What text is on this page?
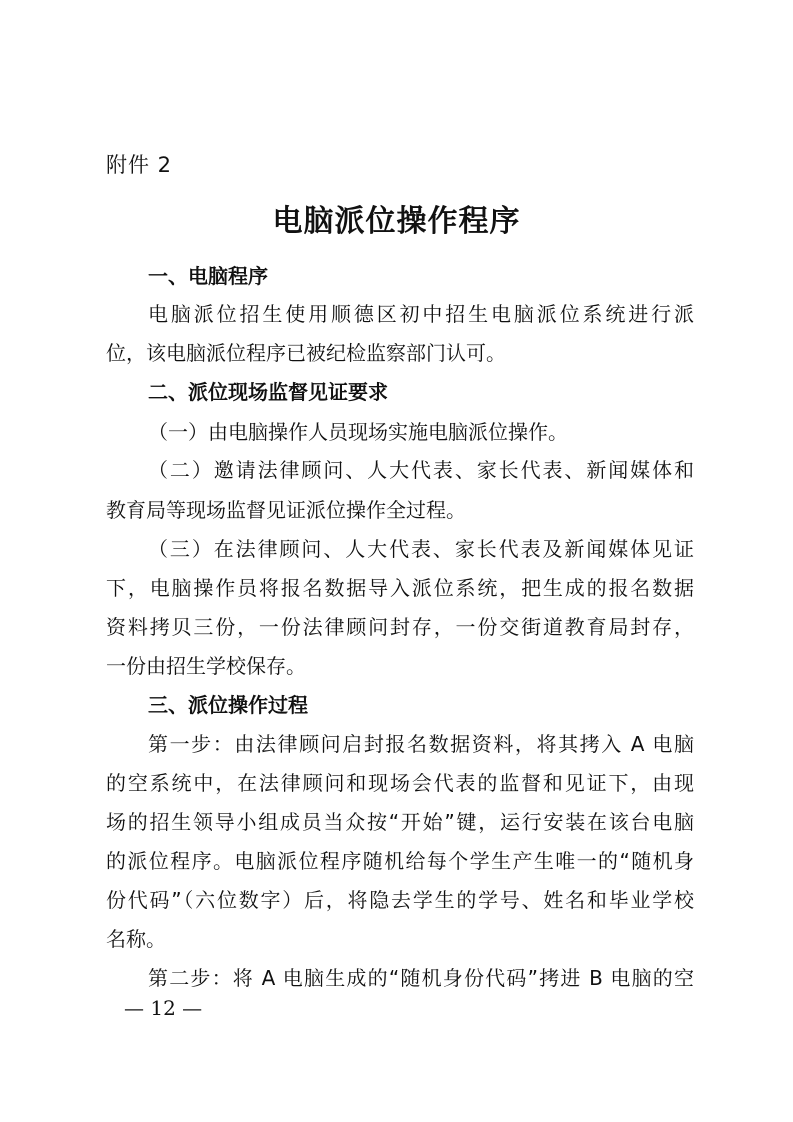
附件 2
电脑派位操作程序
一、电脑程序
电脑派位招生使用顺德区初中招生电脑派位系统进行派
位，该电脑派位程序已被纪检监察部门认可。
二、派位现场监督见证要求
（一）由电脑操作人员现场实施电脑派位操作。
（二）邀请法律顾问、人大代表、家长代表、新闻媒体和
教育局等现场监督见证派位操作全过程。
（三）在法律顾问、人大代表、家长代表及新闻媒体见证
下，电脑操作员将报名数据导入派位系统，把生成的报名数据
资料拷贝三份，一份法律顾问封存，一份交街道教育局封存，
一份由招生学校保存。
三、派位操作过程
第一步：由法律顾问启封报名数据资料，将其拷入 A 电脑
的空系统中，在法律顾问和现场会代表的监督和见证下，由现
场的招生领导小组成员当众按“开始”键，运行安装在该台电脑
的派位程序。电脑派位程序随机给每个学生产生唯一的“随机身
份代码”（六位数字）后，将隐去学生的学号、姓名和毕业学校
名称。
第二步：将 A 电脑生成的“随机身份代码”拷进 B 电脑的空
— 12 —
